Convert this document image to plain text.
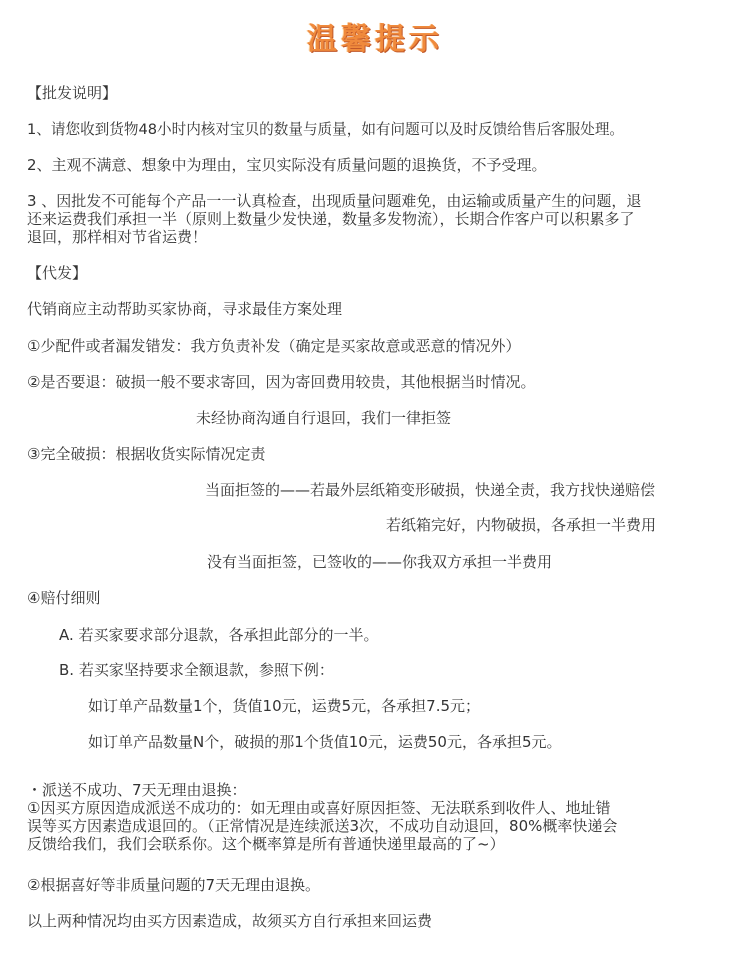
温馨提示
【批发说明】
1、请您收到货物48小时内核对宝贝的数量与质量，如有问题可以及时反馈给售后客服处理。
2、主观不满意、想象中为理由，宝贝实际没有质量问题的退换货，不予受理。
3 、因批发不可能每个产品一一认真检查，出现质量问题难免，由运输或质量产生的问题，退
还来运费我们承担一半（原则上数量少发快递，数量多发物流），长期合作客户可以积累多了
退回，那样相对节省运费！
【代发】
代销商应主动帮助买家协商，寻求最佳方案处理
①少配件或者漏发错发：我方负责补发（确定是买家故意或恶意的情况外）
②是否要退：破损一般不要求寄回，因为寄回费用较贵，其他根据当时情况。
未经协商沟通自行退回，我们一律拒签
③完全破损：根据收货实际情况定责
当面拒签的——若最外层纸箱变形破损，快递全责，我方找快递赔偿
若纸箱完好，内物破损，各承担一半费用
没有当面拒签，已签收的——你我双方承担一半费用
④赔付细则
A. 若买家要求部分退款，各承担此部分的一半。
B. 若买家坚持要求全额退款，参照下例：
如订单产品数量1个，货值10元，运费5元，各承担7.5元；
如订单产品数量N个，破损的那1个货值10元，运费50元，各承担5元。
・派送不成功、7天无理由退换：
①因买方原因造成派送不成功的：如无理由或喜好原因拒签、无法联系到收件人、地址错
误等买方因素造成退回的。（正常情况是连续派送3次，不成功自动退回，80%概率快递会
反馈给我们，我们会联系你。这个概率算是所有普通快递里最高的了~）
②根据喜好等非质量问题的7天无理由退换。
以上两种情况均由买方因素造成，故须买方自行承担来回运费
